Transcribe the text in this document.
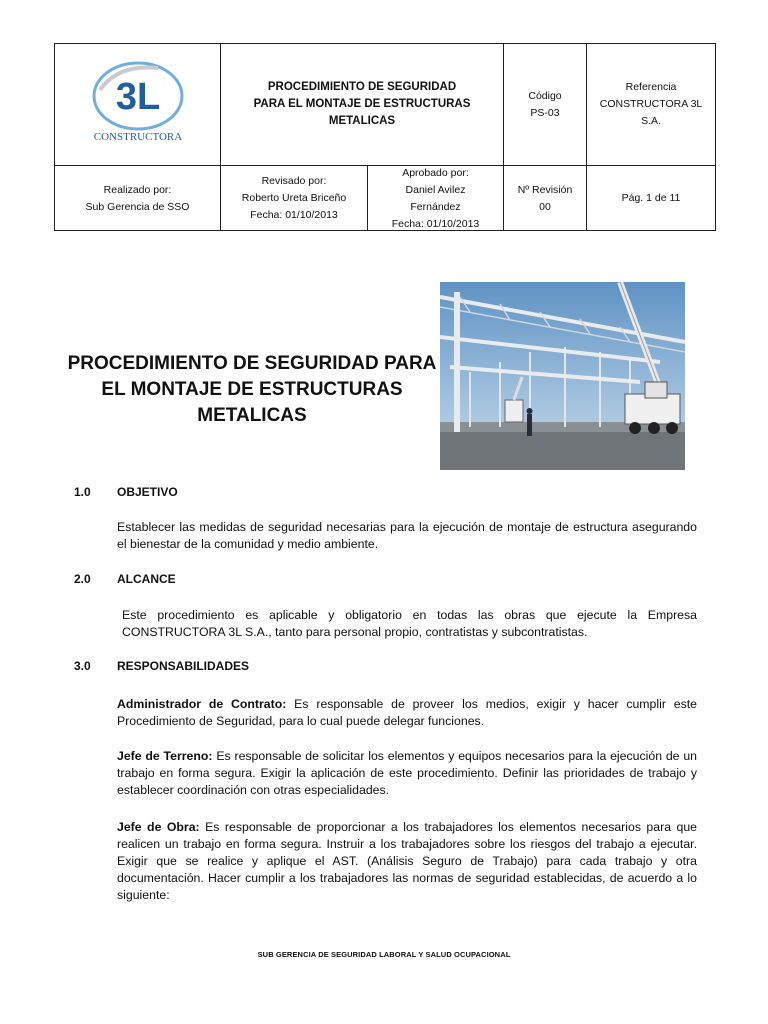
3L
CONSTRUCTORA
PROCEDIMIENTO DE SEGURIDAD
PARA EL MONTAJE DE ESTRUCTURAS
METALICAS
Código
PS-03
Referencia
CONSTRUCTORA 3L
S.A.
Realizado por:
Sub Gerencia de SSO
Revisado por:
Roberto Ureta Briceño
Fecha: 01/10/2013
Aprobado por:
Daniel Avilez
Fernández
Fecha: 01/10/2013
Nº Revisión
00
Pág. 1 de 11
PROCEDIMIENTO DE SEGURIDAD PARA
EL MONTAJE DE ESTRUCTURAS
METALICAS
1.0 OBJETIVO
Establecer las medidas de seguridad necesarias para la ejecución de montaje de estructura asegurando el bienestar de la comunidad y medio ambiente.
2.0 ALCANCE
Este procedimiento es aplicable y obligatorio en todas las obras que ejecute la Empresa CONSTRUCTORA 3L S.A., tanto para personal propio, contratistas y subcontratistas.
3.0 RESPONSABILIDADES
Administrador de Contrato: Es responsable de proveer los medios, exigir y hacer cumplir este Procedimiento de Seguridad, para lo cual puede delegar funciones.
Jefe de Terreno: Es responsable de solicitar los elementos y equipos necesarios para la ejecución de un trabajo en forma segura. Exigir la aplicación de este procedimiento. Definir las prioridades de trabajo y establecer coordinación con otras especialidades.
Jefe de Obra: Es responsable de proporcionar a los trabajadores los elementos necesarios para que realicen un trabajo en forma segura. Instruir a los trabajadores sobre los riesgos del trabajo a ejecutar. Exigir que se realice y aplique el AST. (Análisis Seguro de Trabajo) para cada trabajo y otra documentación. Hacer cumplir a los trabajadores las normas de seguridad establecidas, de acuerdo a lo siguiente:
SUB GERENCIA DE SEGURIDAD LABORAL Y SALUD OCUPACIONAL
